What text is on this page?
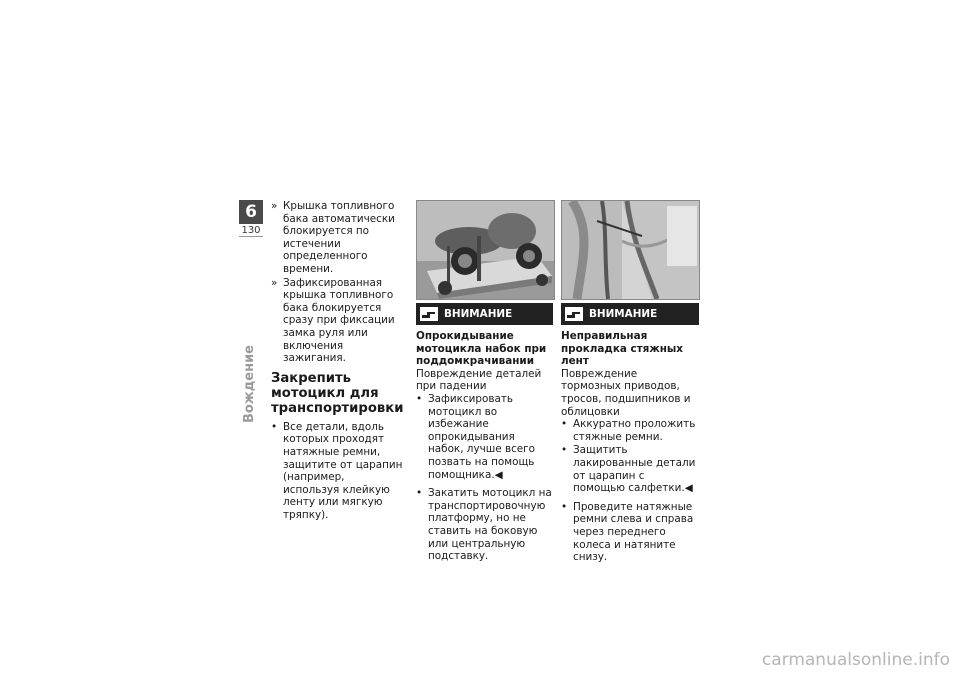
6
130
Вождение
» Крышка топливного бака автоматически блокируется по истечении определенного времени.
» Зафиксированная крышка топливного бака блокируется сразу при фиксации замка руля или включения зажигания.
Закрепить мотоцикл для транспортировки
• Все детали, вдоль которых проходят натяжные ремни, защитите от царапин (например, используя клейкую ленту или мягкую тряпку).
ВНИМАНИЕ
Опрокидывание мотоцикла набок при поддомкрачивании
Повреждение деталей при падении
• Зафиксировать мотоцикл во избежание опрокидывания набок, лучше всего позвать на помощь помощника.◀
• Закатить мотоцикл на транспортировочную платформу, но не ставить на боковую или центральную подставку.
ВНИМАНИЕ
Неправильная прокладка стяжных лент
Повреждение тормозных приводов, тросов, подшипников и облицовки
• Аккуратно проложить стяжные ремни.
• Защитить лакированные детали от царапин с помощью салфетки.◀
• Проведите натяжные ремни слева и справа через переднего колеса и натяните снизу.
carmanualsonline.info
